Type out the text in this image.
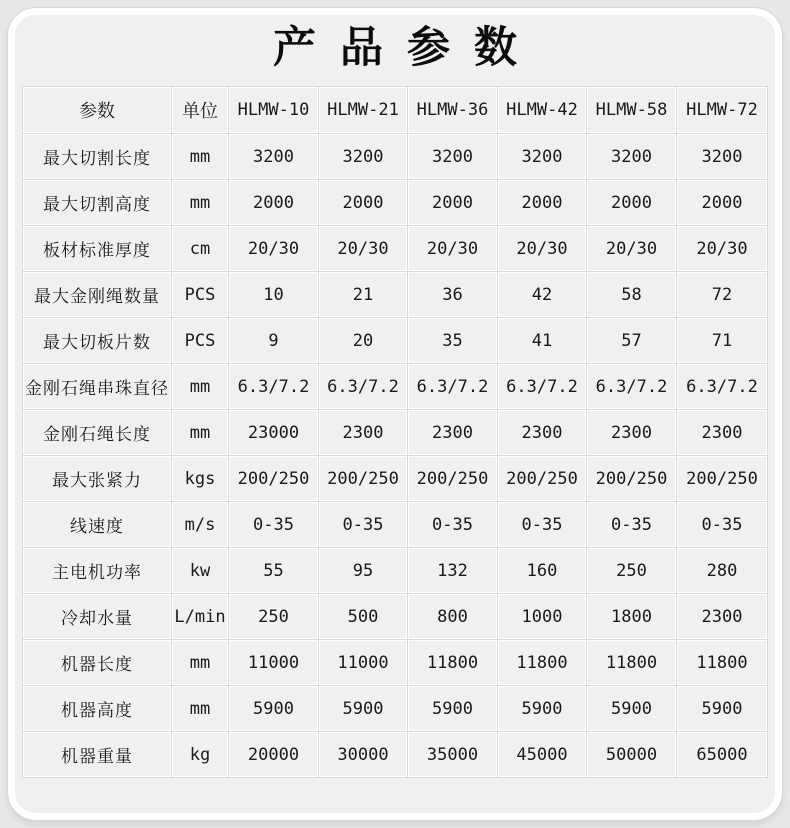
产品参数
参数	单位	HLMW-10	HLMW-21	HLMW-36	HLMW-42	HLMW-58	HLMW-72
最大切割长度	mm	3200	3200	3200	3200	3200	3200
最大切割高度	mm	2000	2000	2000	2000	2000	2000
板材标准厚度	cm	20/30	20/30	20/30	20/30	20/30	20/30
最大金刚绳数量	PCS	10	21	36	42	58	72
最大切板片数	PCS	9	20	35	41	57	71
金刚石绳串珠直径	mm	6.3/7.2	6.3/7.2	6.3/7.2	6.3/7.2	6.3/7.2	6.3/7.2
金刚石绳长度	mm	23000	2300	2300	2300	2300	2300
最大张紧力	kgs	200/250	200/250	200/250	200/250	200/250	200/250
线速度	m/s	0-35	0-35	0-35	0-35	0-35	0-35
主电机功率	kw	55	95	132	160	250	280
冷却水量	L/min	250	500	800	1000	1800	2300
机器长度	mm	11000	11000	11800	11800	11800	11800
机器高度	mm	5900	5900	5900	5900	5900	5900
机器重量	kg	20000	30000	35000	45000	50000	65000
